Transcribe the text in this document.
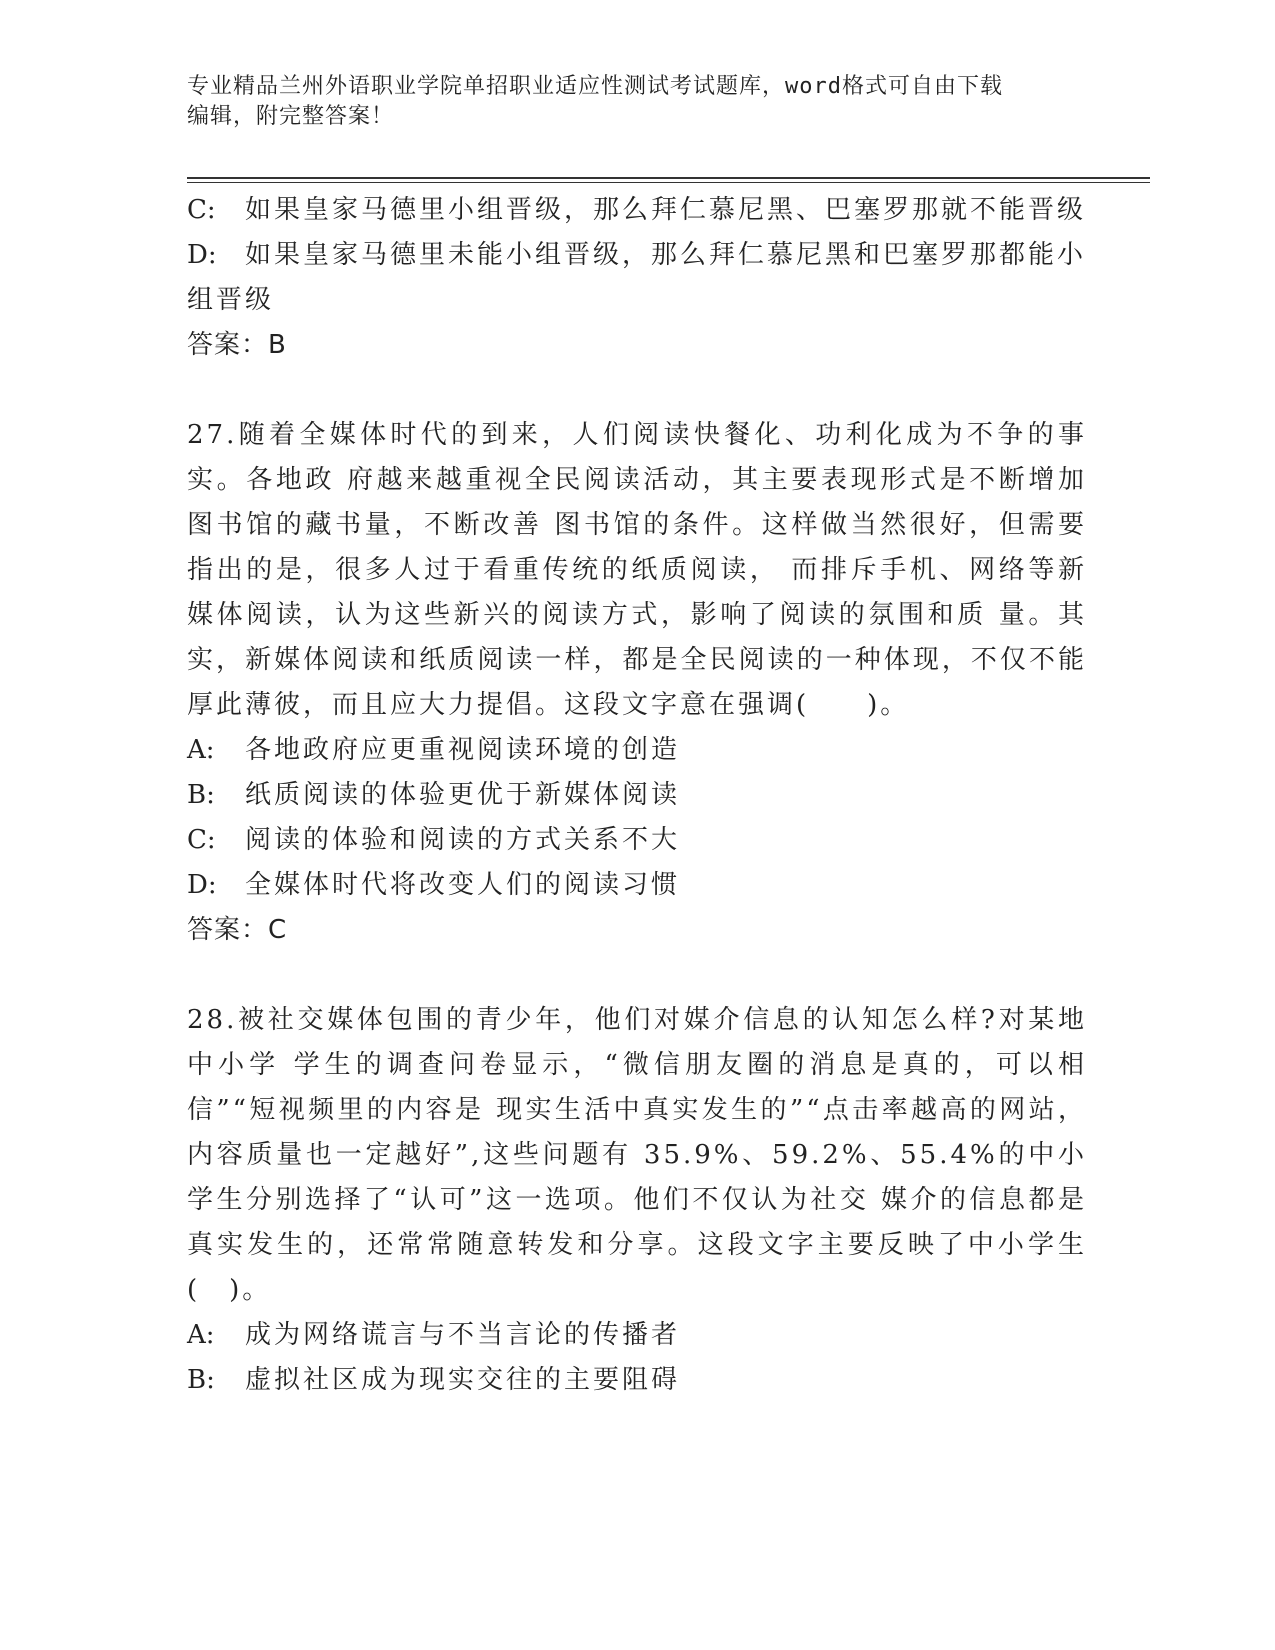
专业精品兰州外语职业学院单招职业适应性测试考试题库，word格式可自由下载
编辑，附完整答案！

C: 如果皇家马德里小组晋级，那么拜仁慕尼黑、巴塞罗那就不能晋级

D: 如果皇家马德里未能小组晋级，那么拜仁慕尼黑和巴塞罗那都能小组晋级

答案：B

27.随着全媒体时代的到来，人们阅读快餐化、功利化成为不争的事实。各地政 府越来越重视全民阅读活动，其主要表现形式是不断增加图书馆的藏书量，不断改善 图书馆的条件。这样做当然很好，但需要指出的是，很多人过于看重传统的纸质阅读， 而排斥手机、网络等新媒体阅读，认为这些新兴的阅读方式，影响了阅读的氛围和质 量。其实，新媒体阅读和纸质阅读一样，都是全民阅读的一种体现，不仅不能厚此薄彼，而且应大力提倡。这段文字意在强调(　　)。

A: 各地政府应更重视阅读环境的创造

B: 纸质阅读的体验更优于新媒体阅读

C: 阅读的体验和阅读的方式关系不大

D: 全媒体时代将改变人们的阅读习惯

答案：C

28.被社交媒体包围的青少年，他们对媒介信息的认知怎么样?对某地中小学 学生的调查问卷显示，“微信朋友圈的消息是真的，可以相信”“短视频里的内容是 现实生活中真实发生的”“点击率越高的网站，内容质量也一定越好”,这些问题有 35.9%、59.2%、55.4%的中小学生分别选择了“认可”这一选项。他们不仅认为社交 媒介的信息都是真实发生的，还常常随意转发和分享。这段文字主要反映了中小学生(　)。

A: 成为网络谎言与不当言论的传播者

B: 虚拟社区成为现实交往的主要阻碍
